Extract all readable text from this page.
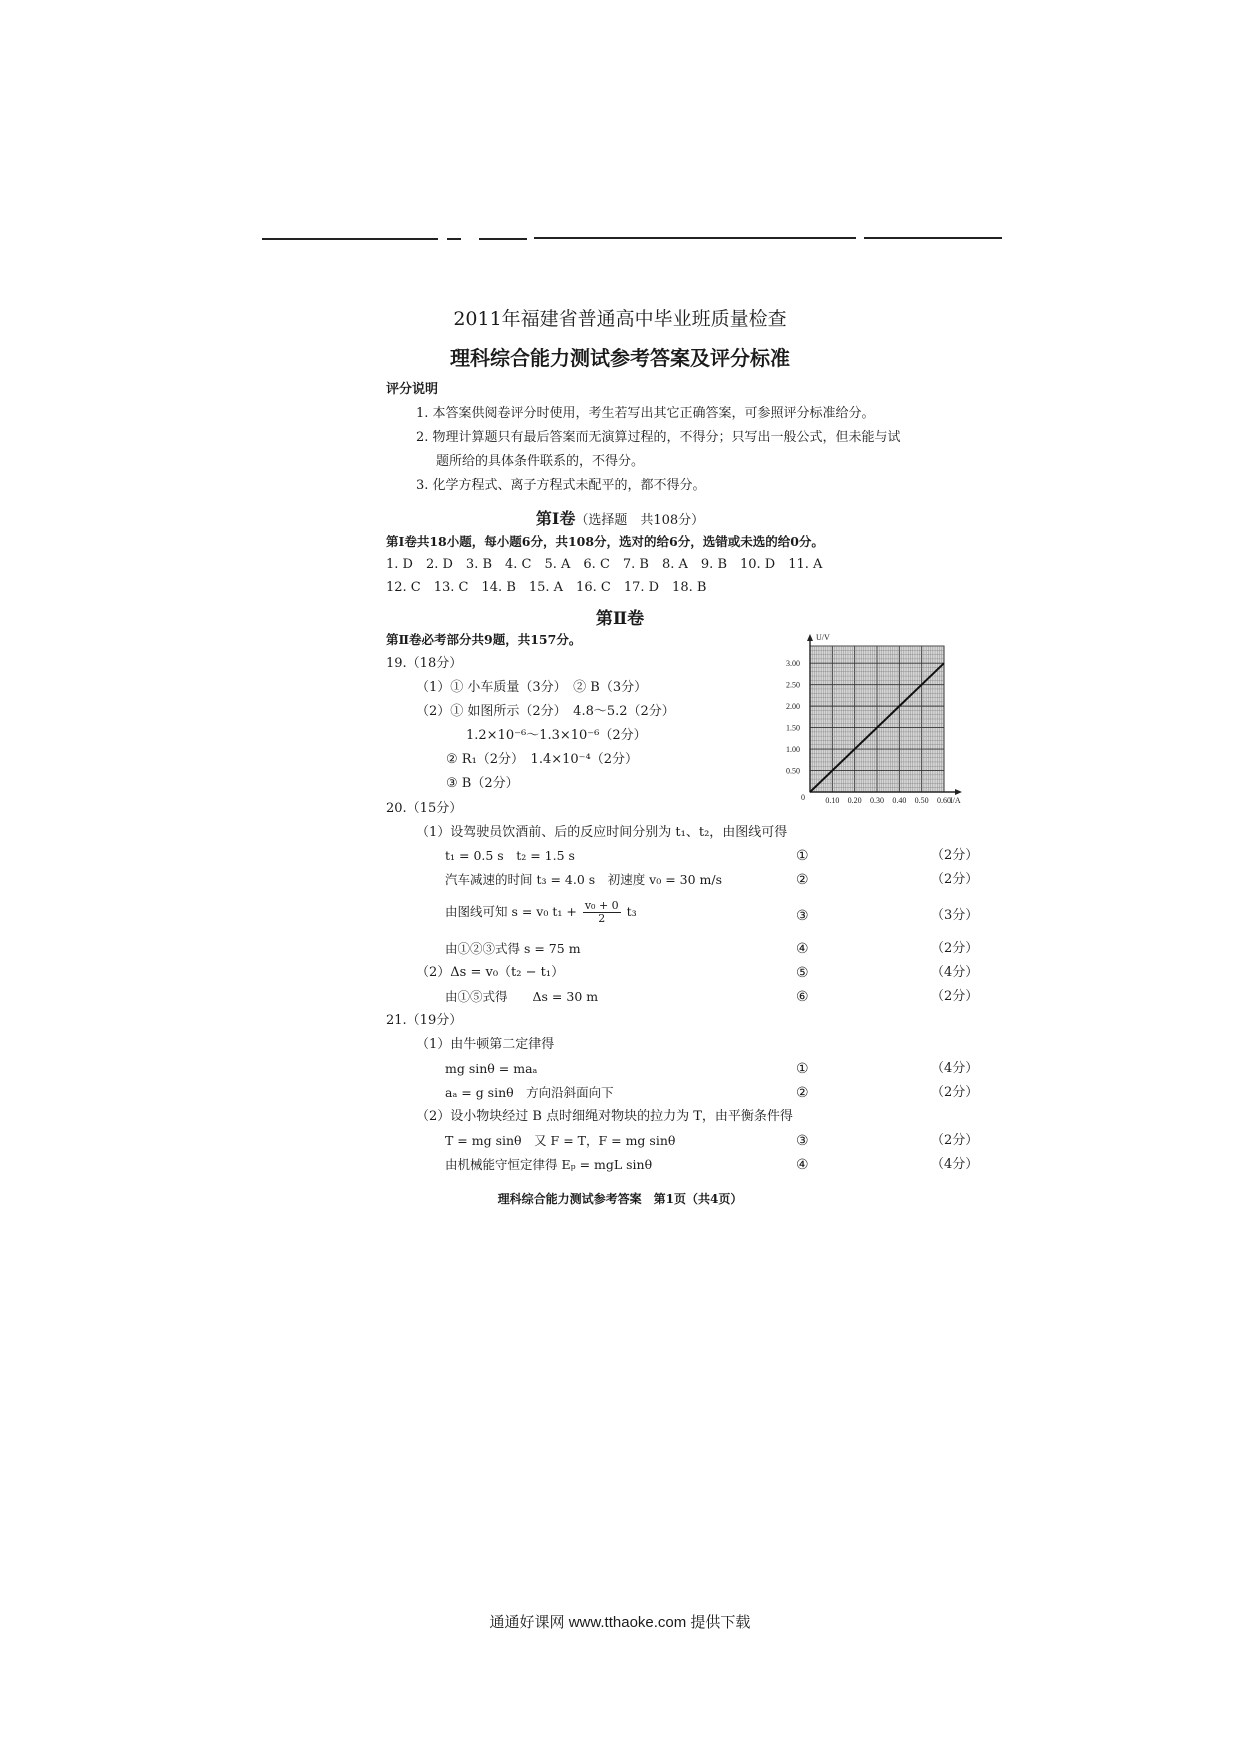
2011年福建省普通高中毕业班质量检查
理科综合能力测试参考答案及评分标准
评分说明
1. 本答案供阅卷评分时使用，考生若写出其它正确答案，可参照评分标准给分。
2. 物理计算题只有最后答案而无演算过程的，不得分；只写出一般公式，但未能与试
题所给的具体条件联系的，不得分。
3. 化学方程式、离子方程式未配平的，都不得分。
第Ⅰ卷（选择题　共108分）
第Ⅰ卷共18小题，每小题6分，共108分，选对的给6分，选错或未选的给0分。
1. D　2. D　3. B　4. C　5. A　6. C　7. B　8. A　9. B　10. D　11. A
12. C　13. C　14. B　15. A　16. C　17. D　18. B
第Ⅱ卷
第Ⅱ卷必考部分共9题，共157分。
19.（18分）
（1）① 小车质量（3分）　② B（3分）
（2）① 如图所示（2分）　4.8～5.2（2分）
1.2×10⁻⁶～1.3×10⁻⁶（2分）
② R₁（2分）　1.4×10⁻⁴（2分）
③ B（2分）
0.10 0.20 0.30 0.40 0.50 0.60
0.50
1.00
1.50
2.00
2.50
3.00
U/V
I/A
0
20.（15分）
（1）设驾驶员饮酒前、后的反应时间分别为 t₁、t₂，由图线可得
t₁ = 0.5 s　t₂ = 1.5 s	①	（2分）
汽车减速的时间 t₃ = 4.0 s　初速度 v₀ = 30 m/s	②	（2分）
由图线可知 s = v₀ $t_1 + \frac{\text{v₀ + 0}}{2} t_3$	③	（3分）
由①②③式得 s = 75 m	④	（2分）
（2）Δs = v₀（t₂ − t₁）	⑤	（4分）
由①⑤式得　　Δs = 30 m	⑥	（2分）
21.（19分）
（1）由牛顿第二定律得
mg sinθ = maₐ	①	（4分）
aₐ = g sinθ　方向沿斜面向下	②	（2分）
（2）设小物块经过 B 点时细绳对物块的拉力为 T，由平衡条件得
T = mg sinθ　又 F = T，F = mg sinθ	③	（2分）
由机械能守恒定律得 Eₚ = mgL sinθ	④	（4分）
理科综合能力测试参考答案　第1页（共4页）
通通好课网 www.tthaoke.com 提供下载
